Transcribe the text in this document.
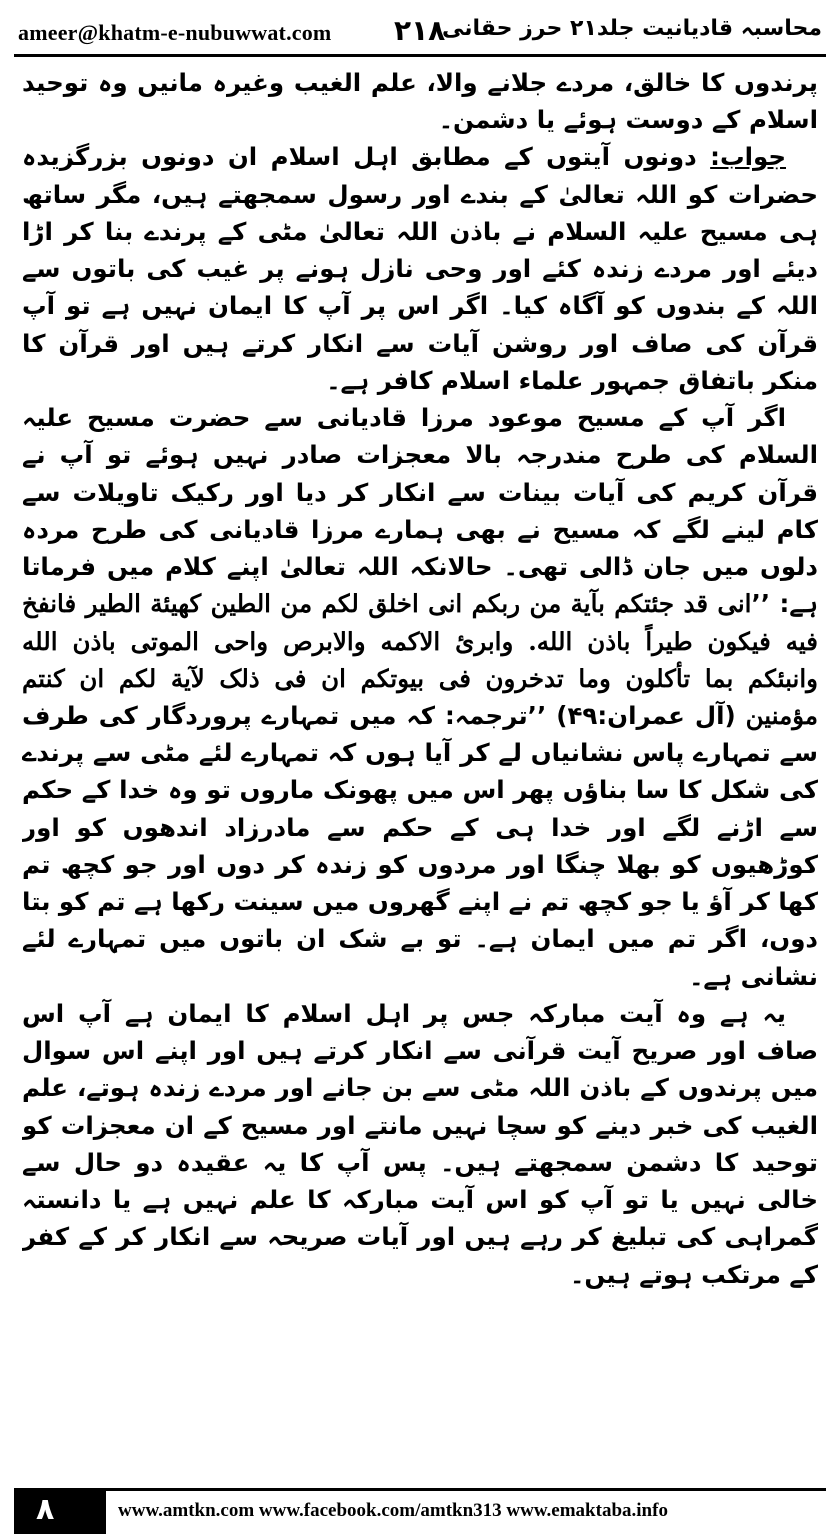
ameer@khatm-e-nubuwwat.com ۲۱۸
محاسبہ قادیانیت جلد۲۱ حرز حقانی

پرندوں کا خالق، مردے جلانے والا، علم الغیب وغیرہ مانیں وہ توحید اسلام کے دوست ہوئے یا دشمن۔

جواب: دونوں آیتوں کے مطابق اہل اسلام ان دونوں بزرگزیدہ حضرات کو اللہ تعالیٰ کے بندے اور رسول سمجھتے ہیں، مگر ساتھ ہی مسیح علیہ السلام نے باذن اللہ تعالیٰ مٹی کے پرندے بنا کر اڑا دیئے اور مردے زندہ کئے اور وحی نازل ہونے پر غیب کی باتوں سے اللہ کے بندوں کو آگاہ کیا۔ اگر اس پر آپ کا ایمان نہیں ہے تو آپ قرآن کی صاف اور روشن آیات سے انکار کرتے ہیں اور قرآن کا منکر باتفاق جمہور علماء اسلام کافر ہے۔

اگر آپ کے مسیح موعود مرزا قادیانی سے حضرت مسیح علیہ السلام کی طرح مندرجہ بالا معجزات صادر نہیں ہوئے تو آپ نے قرآن کریم کی آیات بینات سے انکار کر دیا اور رکیک تاویلات سے کام لینے لگے کہ مسیح نے بھی ہمارے مرزا قادیانی کی طرح مردہ دلوں میں جان ڈالی تھی۔ حالانکہ اللہ تعالیٰ اپنے کلام میں فرماتا ہے: ’’انی قد جئتکم بآیة من ربکم انی اخلق لکم من الطین کهیئة الطیر فانفخ فیه فیکون طیراً باذن الله. وابرئ الاکمه والابرص واحی الموتی باذن الله وانبئکم بما تأکلون وما تدخرون فی بیوتکم ان فی ذلک لآیة لکم ان کنتم مؤمنین (آل عمران:۴۹) ’’ترجمہ: کہ میں تمہارے پروردگار کی طرف سے تمہارے پاس نشانیاں لے کر آیا ہوں کہ تمہارے لئے مٹی سے پرندے کی شکل کا سا بناؤں پھر اس میں پھونک ماروں تو وہ خدا کے حکم سے اڑنے لگے اور خدا ہی کے حکم سے مادرزاد اندھوں کو اور کوڑھیوں کو بھلا چنگا اور مردوں کو زندہ کر دوں اور جو کچھ تم کھا کر آؤ یا جو کچھ تم نے اپنے گھروں میں سینت رکھا ہے تم کو بتا دوں، اگر تم میں ایمان ہے۔ تو بے شک ان باتوں میں تمہارے لئے نشانی ہے۔

یہ ہے وہ آیت مبارکہ جس پر اہل اسلام کا ایمان ہے آپ اس صاف اور صریح آیت قرآنی سے انکار کرتے ہیں اور اپنے اس سوال میں پرندوں کے باذن اللہ مٹی سے بن جانے اور مردے زندہ ہوتے، علم الغیب کی خبر دینے کو سچا نہیں مانتے اور مسیح کے ان معجزات کو توحید کا دشمن سمجھتے ہیں۔ پس آپ کا یہ عقیدہ دو حال سے خالی نہیں یا تو آپ کو اس آیت مبارکہ کا علم نہیں ہے یا دانستہ گمراہی کی تبلیغ کر رہے ہیں اور آیات صریحہ سے انکار کر کے کفر کے مرتکب ہوتے ہیں۔

۸	www.amtkn.com www.facebook.com/amtkn313 www.emaktaba.info
